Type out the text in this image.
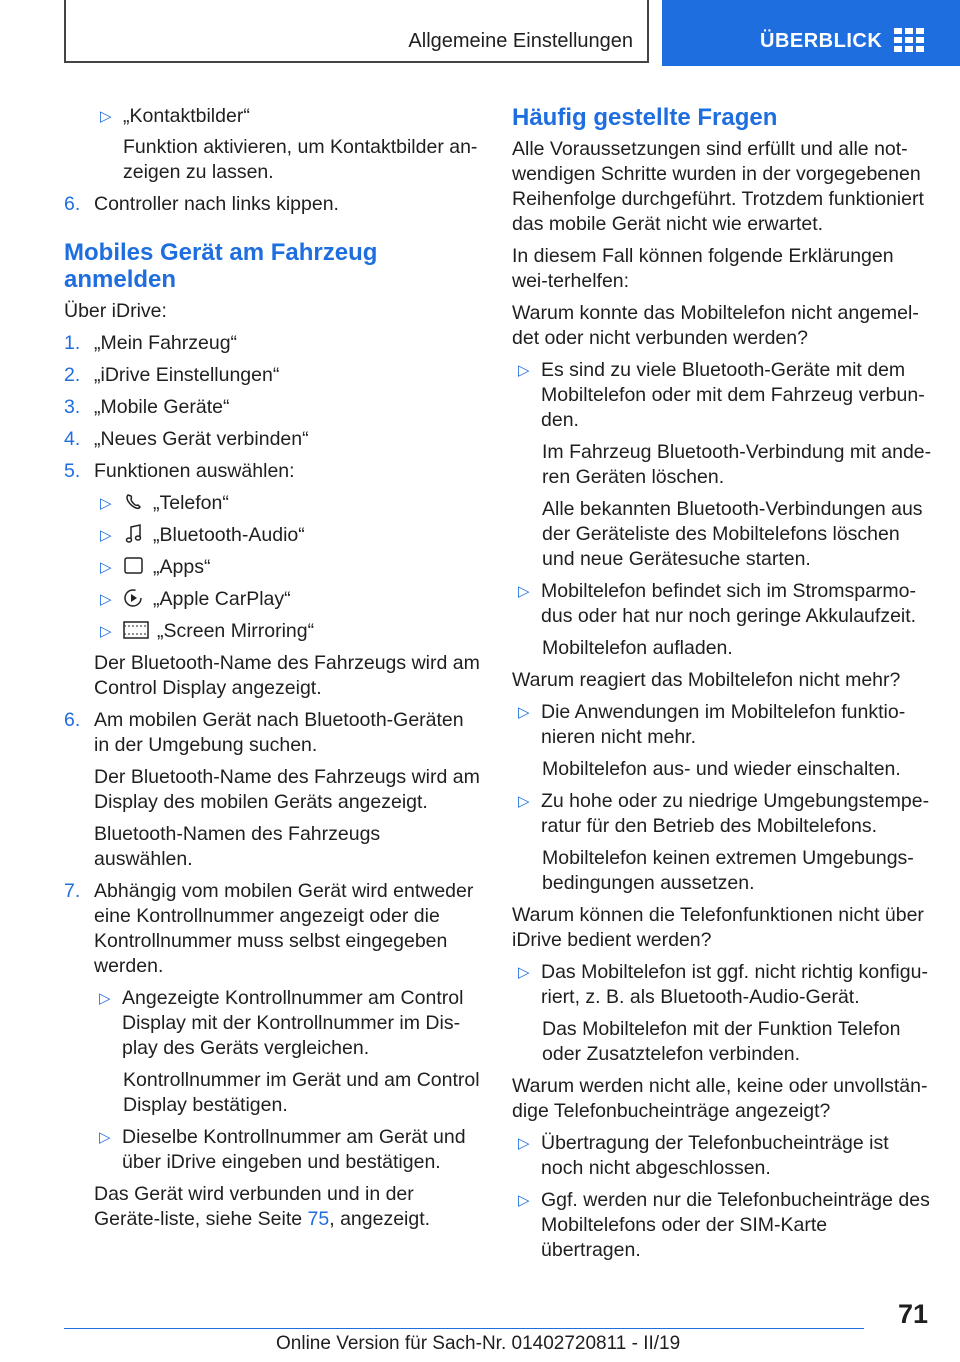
Allgemeine Einstellungen	ÜBERBLICK
▷ „Kontaktbilder“

Funktion aktivieren, um Kontaktbilder an-zeigen zu lassen.

6. Controller nach links kippen.
Mobiles Gerät am Fahrzeug anmelden

Über iDrive:

1. „Mein Fahrzeug“
2. „iDrive Einstellungen“
3. „Mobile Geräte“
4. „Neues Gerät verbinden“
5. Funktionen auswählen:
▷	„Telefon“
▷	„Bluetooth-Audio“
▷	„Apps“
▷	„Apple CarPlay“
▷	„Screen Mirroring“

Der Bluetooth-Name des Fahrzeugs wird am Control Display angezeigt.

6. Am mobilen Gerät nach Bluetooth-Geräten in der Umgebung suchen.

Der Bluetooth-Name des Fahrzeugs wird am Display des mobilen Geräts angezeigt.

Bluetooth-Namen des Fahrzeugs auswählen.

7. Abhängig vom mobilen Gerät wird entweder eine Kontrollnummer angezeigt oder die Kontrollnummer muss selbst eingegeben werden.
▷ Angezeigte Kontrollnummer am Control Display mit der Kontrollnummer im Dis-play des Geräts vergleichen.

Kontrollnummer im Gerät und am Control Display bestätigen.

▷ Dieselbe Kontrollnummer am Gerät und über iDrive eingeben und bestätigen.

Das Gerät wird verbunden und in der Geräte-liste, siehe Seite 75, angezeigt.

Häufig gestellte Fragen

Alle Voraussetzungen sind erfüllt und alle not-wendigen Schritte wurden in der vorgegebenen Reihenfolge durchgeführt. Trotzdem funktioniert das mobile Gerät nicht wie erwartet.

In diesem Fall können folgende Erklärungen wei-terhelfen:

Warum konnte das Mobiltelefon nicht angemel-det oder nicht verbunden werden?

▷ Es sind zu viele Bluetooth-Geräte mit dem Mobiltelefon oder mit dem Fahrzeug verbun-den.

Im Fahrzeug Bluetooth-Verbindung mit ande-ren Geräten löschen.

Alle bekannten Bluetooth-Verbindungen aus der Geräteliste des Mobiltelefons löschen und neue Gerätesuche starten.

▷ Mobiltelefon befindet sich im Stromsparmo-dus oder hat nur noch geringe Akkulaufzeit.

Mobiltelefon aufladen.

Warum reagiert das Mobiltelefon nicht mehr?

▷ Die Anwendungen im Mobiltelefon funktio-nieren nicht mehr.

Mobiltelefon aus- und wieder einschalten.

▷ Zu hohe oder zu niedrige Umgebungstempe-ratur für den Betrieb des Mobiltelefons.

Mobiltelefon keinen extremen Umgebungs-bedingungen aussetzen.

Warum können die Telefonfunktionen nicht über iDrive bedient werden?

▷ Das Mobiltelefon ist ggf. nicht richtig konfigu-riert, z. B. als Bluetooth-Audio-Gerät.

Das Mobiltelefon mit der Funktion Telefon oder Zusatztelefon verbinden.

Warum werden nicht alle, keine oder unvollstän-dige Telefonbucheinträge angezeigt?

▷ Übertragung der Telefonbucheinträge ist noch nicht abgeschlossen.
▷ Ggf. werden nur die Telefonbucheinträge des Mobiltelefons oder der SIM-Karte übertragen.
71
Online Version für Sach-Nr. 01402720811 - II/19
